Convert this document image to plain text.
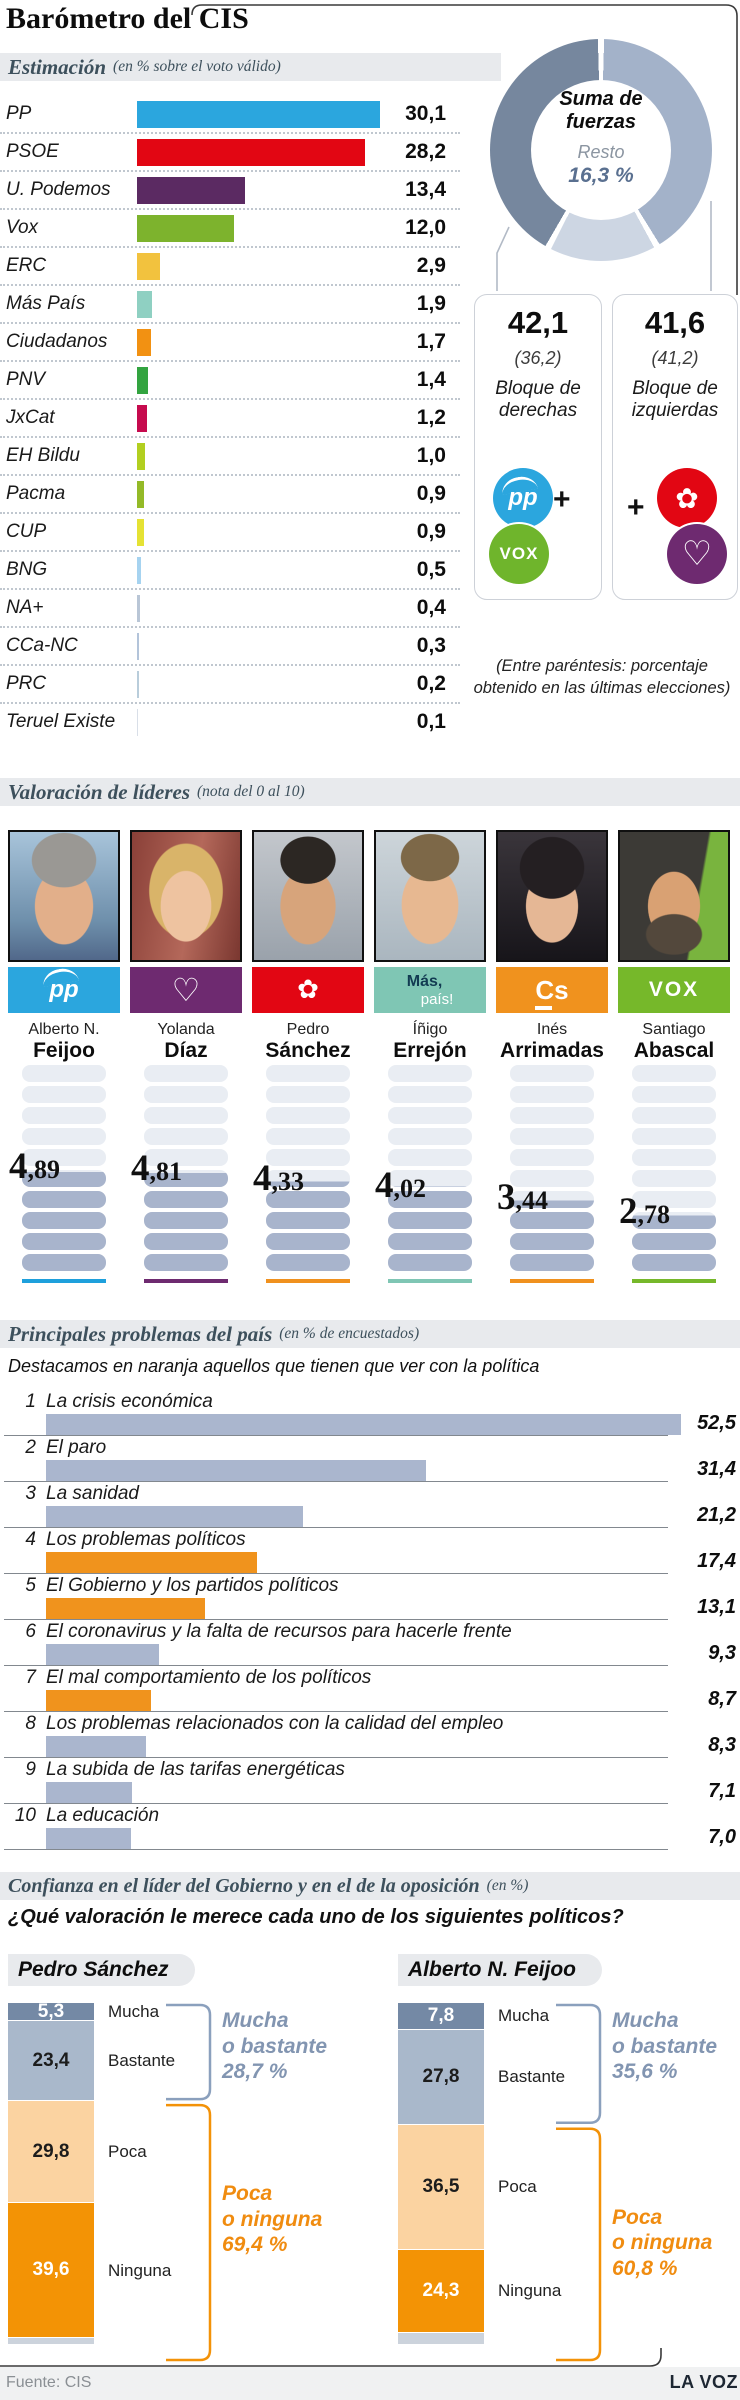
Barómetro del CIS
Estimación (en % sobre el voto válido)
PP	30,1
PSOE	28,2
U. Podemos	13,4
Vox	12,0
ERC	2,9
Más País	1,9
Ciudadanos	1,7
PNV	1,4
JxCat	1,2
EH Bildu	1,0
Pacma	0,9
CUP	0,9
BNG	0,5
NA+	0,4
CCa-NC	0,3
PRC	0,2
Teruel Existe	0,1
Suma de
fuerzas
Resto
16,3 %
42,1
(36,2)
Bloque de
derechas
pp +
VOX
41,6
(41,2)
Bloque de
izquierdas
+ ✿
♡
(Entre paréntesis: porcentaje obtenido en las últimas elecciones)
Valoración de líderes (nota del 0 al 10)
pp
Alberto N.
Feijoo
4,89
♡
Yolanda
Díaz
4,81
✿
Pedro
Sánchez
4,33
Más,
país!
Íñigo
Errejón
4,02
Cs
Inés
Arrimadas
3,44
VOX
Santiago
Abascal
2,78
Principales problemas del país (en % de encuestados)
Destacamos en naranja aquellos que tienen que ver con la política
1 La crisis económica
52,5
2 El paro
31,4
3 La sanidad
21,2
4 Los problemas políticos
17,4
5 El Gobierno y los partidos políticos
13,1
6 El coronavirus y la falta de recursos para hacerle frente
9,3
7 El mal comportamiento de los políticos
8,7
8 Los problemas relacionados con la calidad del empleo
8,3
9 La subida de las tarifas energéticas
7,1
10 La educación
7,0
Confianza en el líder del Gobierno y en el de la oposición (en %)
¿Qué valoración le merece cada uno de los siguientes políticos?
Pedro Sánchez
5,3
23,4
29,8
39,6
Mucha
Bastante
Poca
Ninguna
Mucha
o bastante
28,7 %
Poca
o ninguna
69,4 %
Alberto N. Feijoo
7,8
27,8
36,5
24,3
Mucha
Bastante
Poca
Ninguna
Mucha
o bastante
35,6 %
Poca
o ninguna
60,8 %
Fuente: CIS	LA VOZ
